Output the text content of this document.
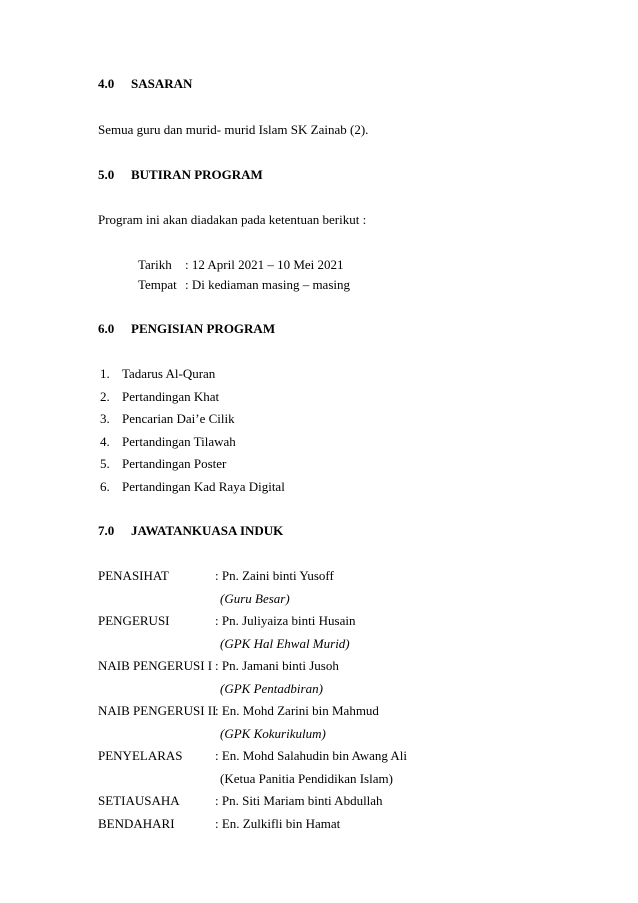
4.0 SASARAN
Semua guru dan murid- murid Islam SK Zainab (2).
5.0 BUTIRAN PROGRAM
Program ini akan diadakan pada ketentuan berikut :
Tarikh : 12 April 2021 – 10 Mei 2021
Tempat : Di kediaman masing – masing
6.0 PENGISIAN PROGRAM
1. Tadarus Al-Quran
2. Pertandingan Khat
3. Pencarian Dai’e Cilik
4. Pertandingan Tilawah
5. Pertandingan Poster
6. Pertandingan Kad Raya Digital
7.0 JAWATANKUASA INDUK
PENASIHAT	: Pn. Zaini binti Yusoff
(Guru Besar)
PENGERUSI	: Pn. Juliyaiza binti Husain
(GPK Hal Ehwal Murid)
NAIB PENGERUSI I : Pn. Jamani binti Jusoh
(GPK Pentadbiran)
NAIB PENGERUSI II: En. Mohd Zarini bin Mahmud
(GPK Kokurikulum)
PENYELARAS : En. Mohd Salahudin bin Awang Ali
(Ketua Panitia Pendidikan Islam)
SETIAUSAHA	: Pn. Siti Mariam binti Abdullah
BENDAHARI	: En. Zulkifli bin Hamat
